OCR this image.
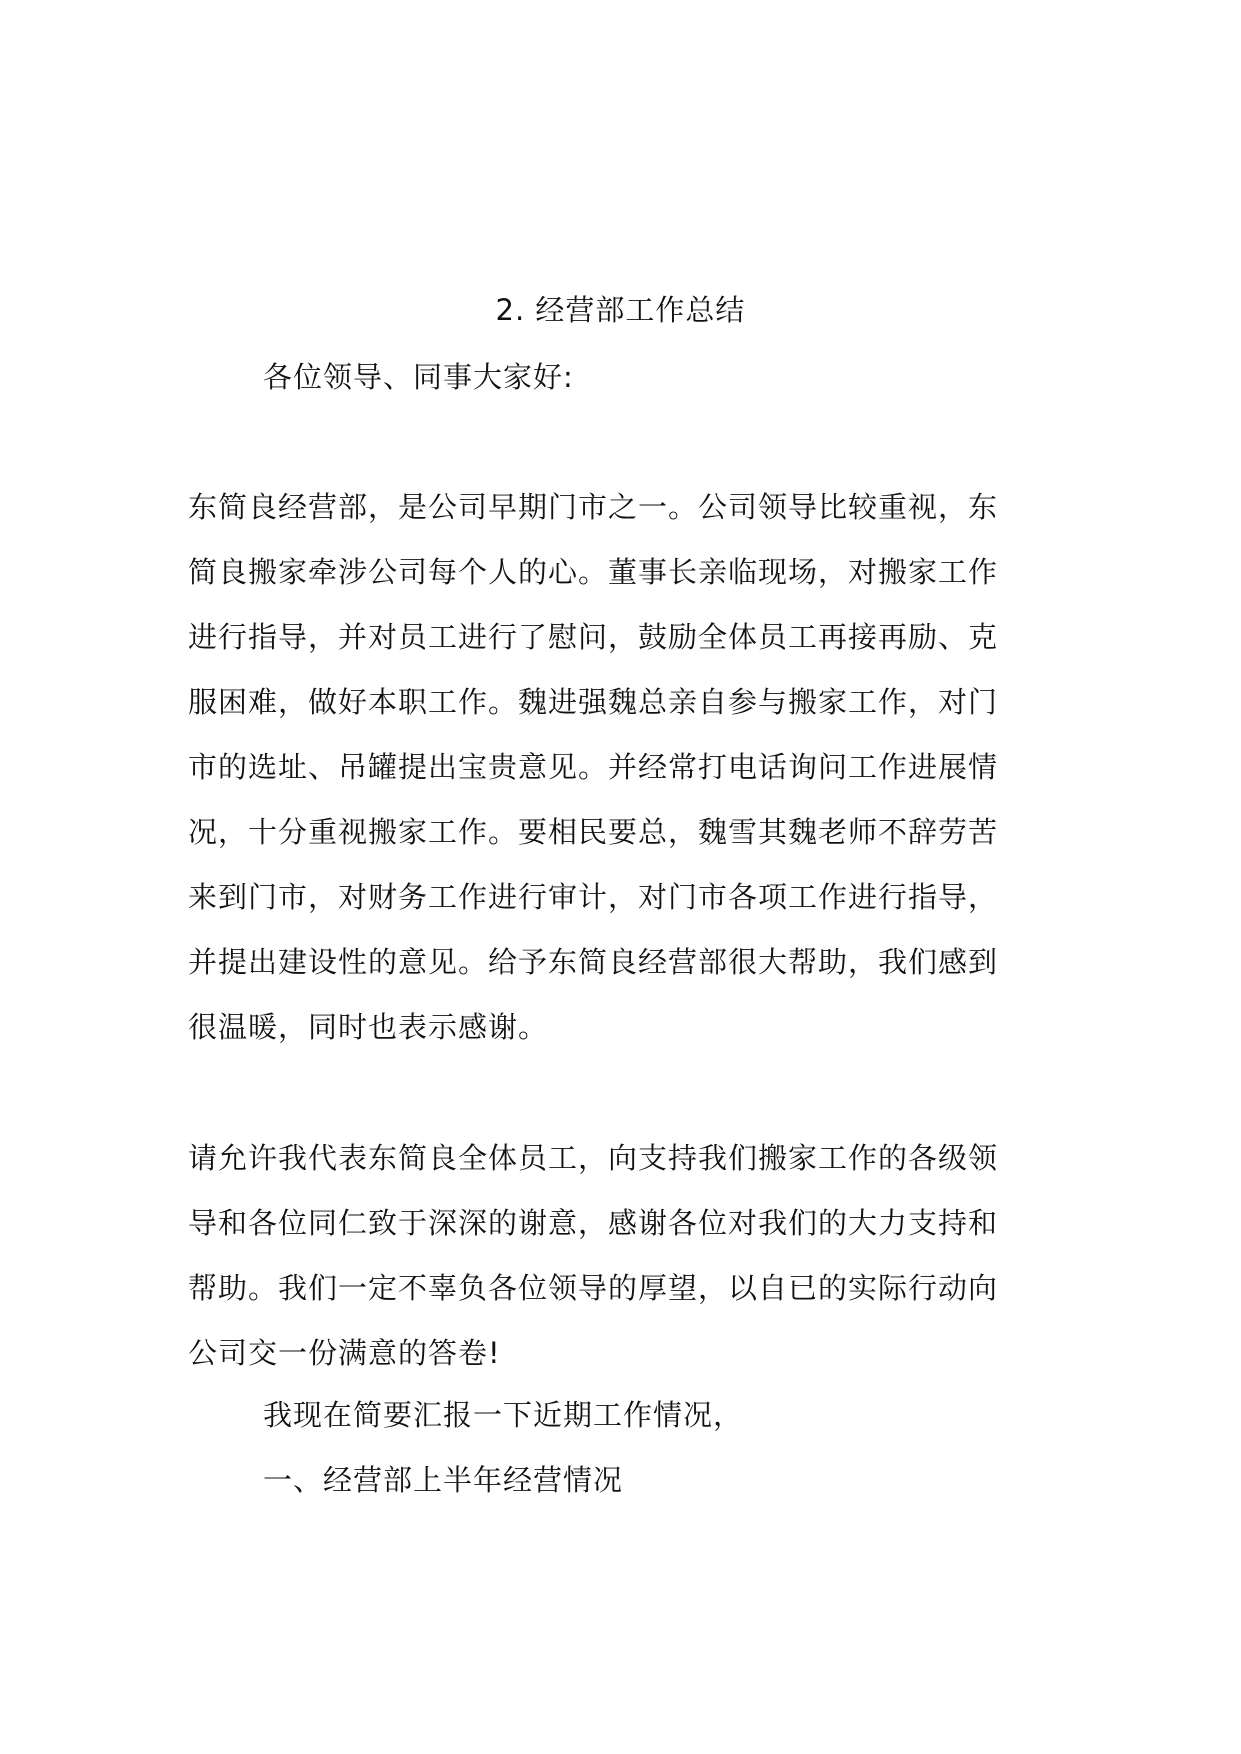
2. 经营部工作总结
各位领导、同事大家好:
东简良经营部，是公司早期门市之一。公司领导比较重视，东
简良搬家牵涉公司每个人的心。董事长亲临现场，对搬家工作
进行指导，并对员工进行了慰问，鼓励全体员工再接再励、克
服困难，做好本职工作。魏进强魏总亲自参与搬家工作，对门
市的选址、吊罐提出宝贵意见。并经常打电话询问工作进展情
况，十分重视搬家工作。要相民要总，魏雪其魏老师不辞劳苦
来到门市，对财务工作进行审计，对门市各项工作进行指导，
并提出建设性的意见。给予东简良经营部很大帮助，我们感到
很温暖，同时也表示感谢。
请允许我代表东简良全体员工，向支持我们搬家工作的各级领
导和各位同仁致于深深的谢意，感谢各位对我们的大力支持和
帮助。我们一定不辜负各位领导的厚望，以自已的实际行动向
公司交一份满意的答卷!
我现在简要汇报一下近期工作情况，
一、经营部上半年经营情况
